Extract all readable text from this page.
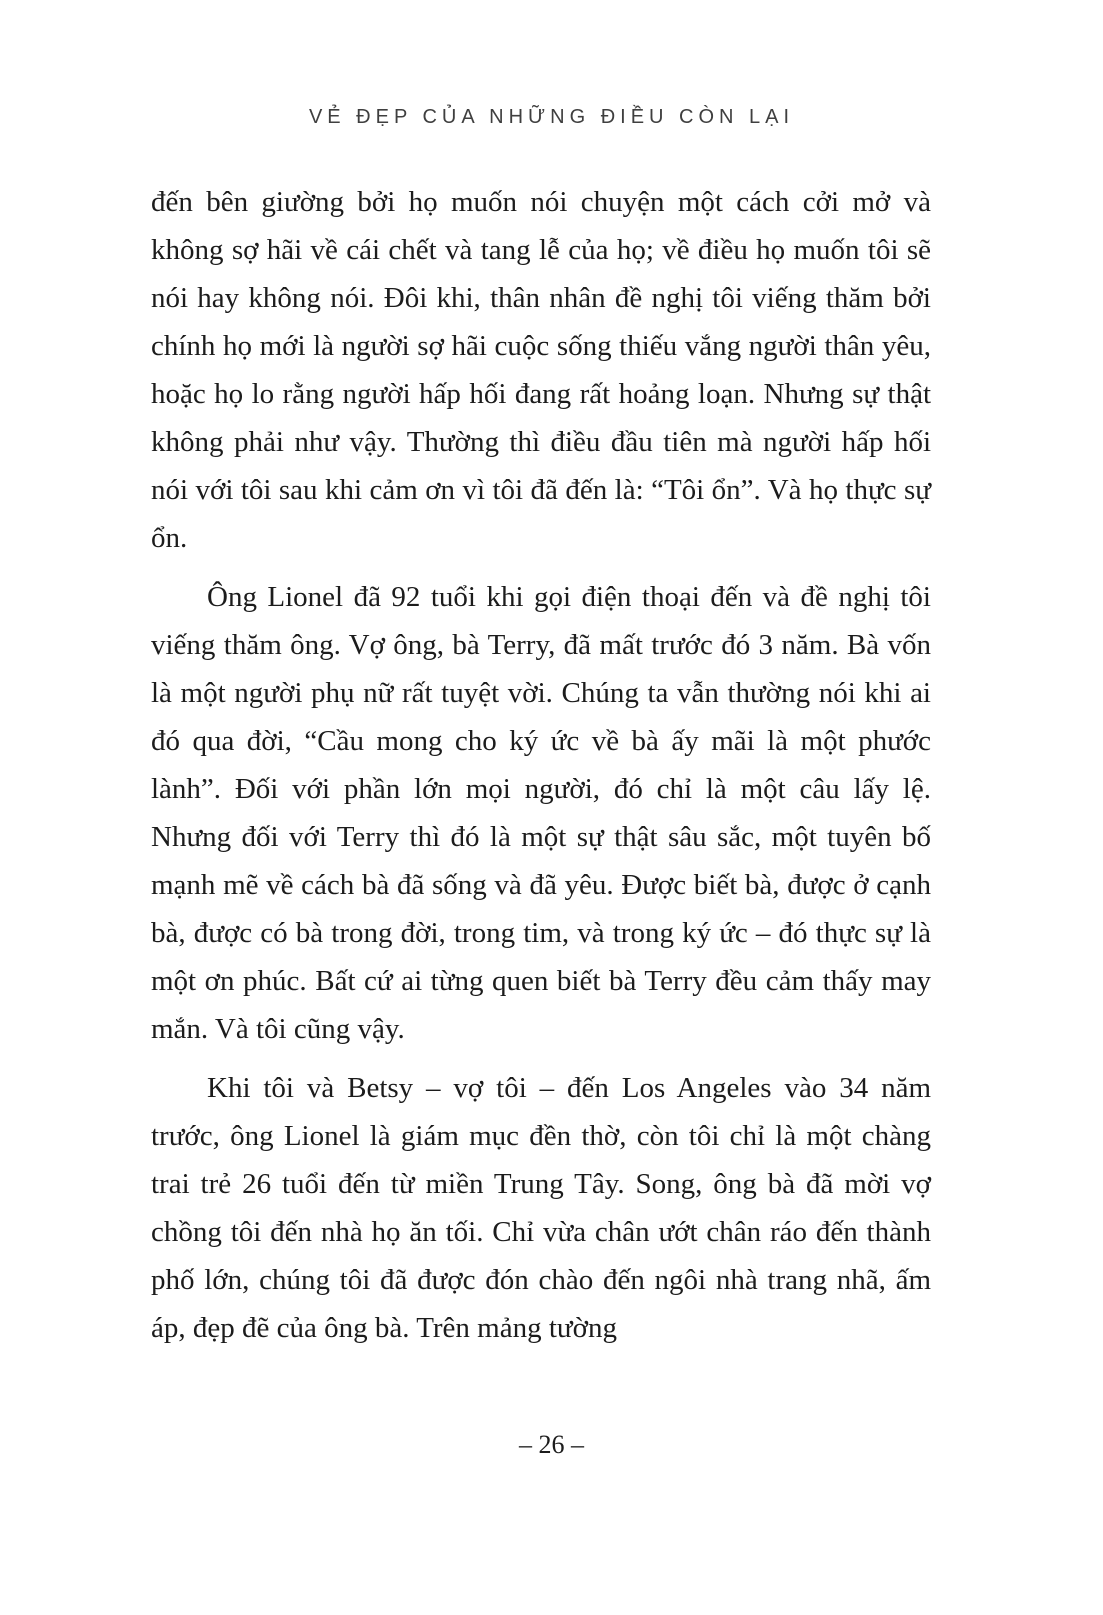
VẺ ĐẸP CỦA NHỮNG ĐIỀU CÒN LẠI

đến bên giường bởi họ muốn nói chuyện một cách cởi mở và không sợ hãi về cái chết và tang lễ của họ; về điều họ muốn tôi sẽ nói hay không nói. Đôi khi, thân nhân đề nghị tôi viếng thăm bởi chính họ mới là người sợ hãi cuộc sống thiếu vắng người thân yêu, hoặc họ lo rằng người hấp hối đang rất hoảng loạn. Nhưng sự thật không phải như vậy. Thường thì điều đầu tiên mà người hấp hối nói với tôi sau khi cảm ơn vì tôi đã đến là: “Tôi ổn”. Và họ thực sự ổn.

Ông Lionel đã 92 tuổi khi gọi điện thoại đến và đề nghị tôi viếng thăm ông. Vợ ông, bà Terry, đã mất trước đó 3 năm. Bà vốn là một người phụ nữ rất tuyệt vời. Chúng ta vẫn thường nói khi ai đó qua đời, “Cầu mong cho ký ức về bà ấy mãi là một phước lành”. Đối với phần lớn mọi người, đó chỉ là một câu lấy lệ. Nhưng đối với Terry thì đó là một sự thật sâu sắc, một tuyên bố mạnh mẽ về cách bà đã sống và đã yêu. Được biết bà, được ở cạnh bà, được có bà trong đời, trong tim, và trong ký ức – đó thực sự là một ơn phúc. Bất cứ ai từng quen biết bà Terry đều cảm thấy may mắn. Và tôi cũng vậy.

Khi tôi và Betsy – vợ tôi – đến Los Angeles vào 34 năm trước, ông Lionel là giám mục đền thờ, còn tôi chỉ là một chàng trai trẻ 26 tuổi đến từ miền Trung Tây. Song, ông bà đã mời vợ chồng tôi đến nhà họ ăn tối. Chỉ vừa chân ướt chân ráo đến thành phố lớn, chúng tôi đã được đón chào đến ngôi nhà trang nhã, ấm áp, đẹp đẽ của ông bà. Trên mảng tường

– 26 –
